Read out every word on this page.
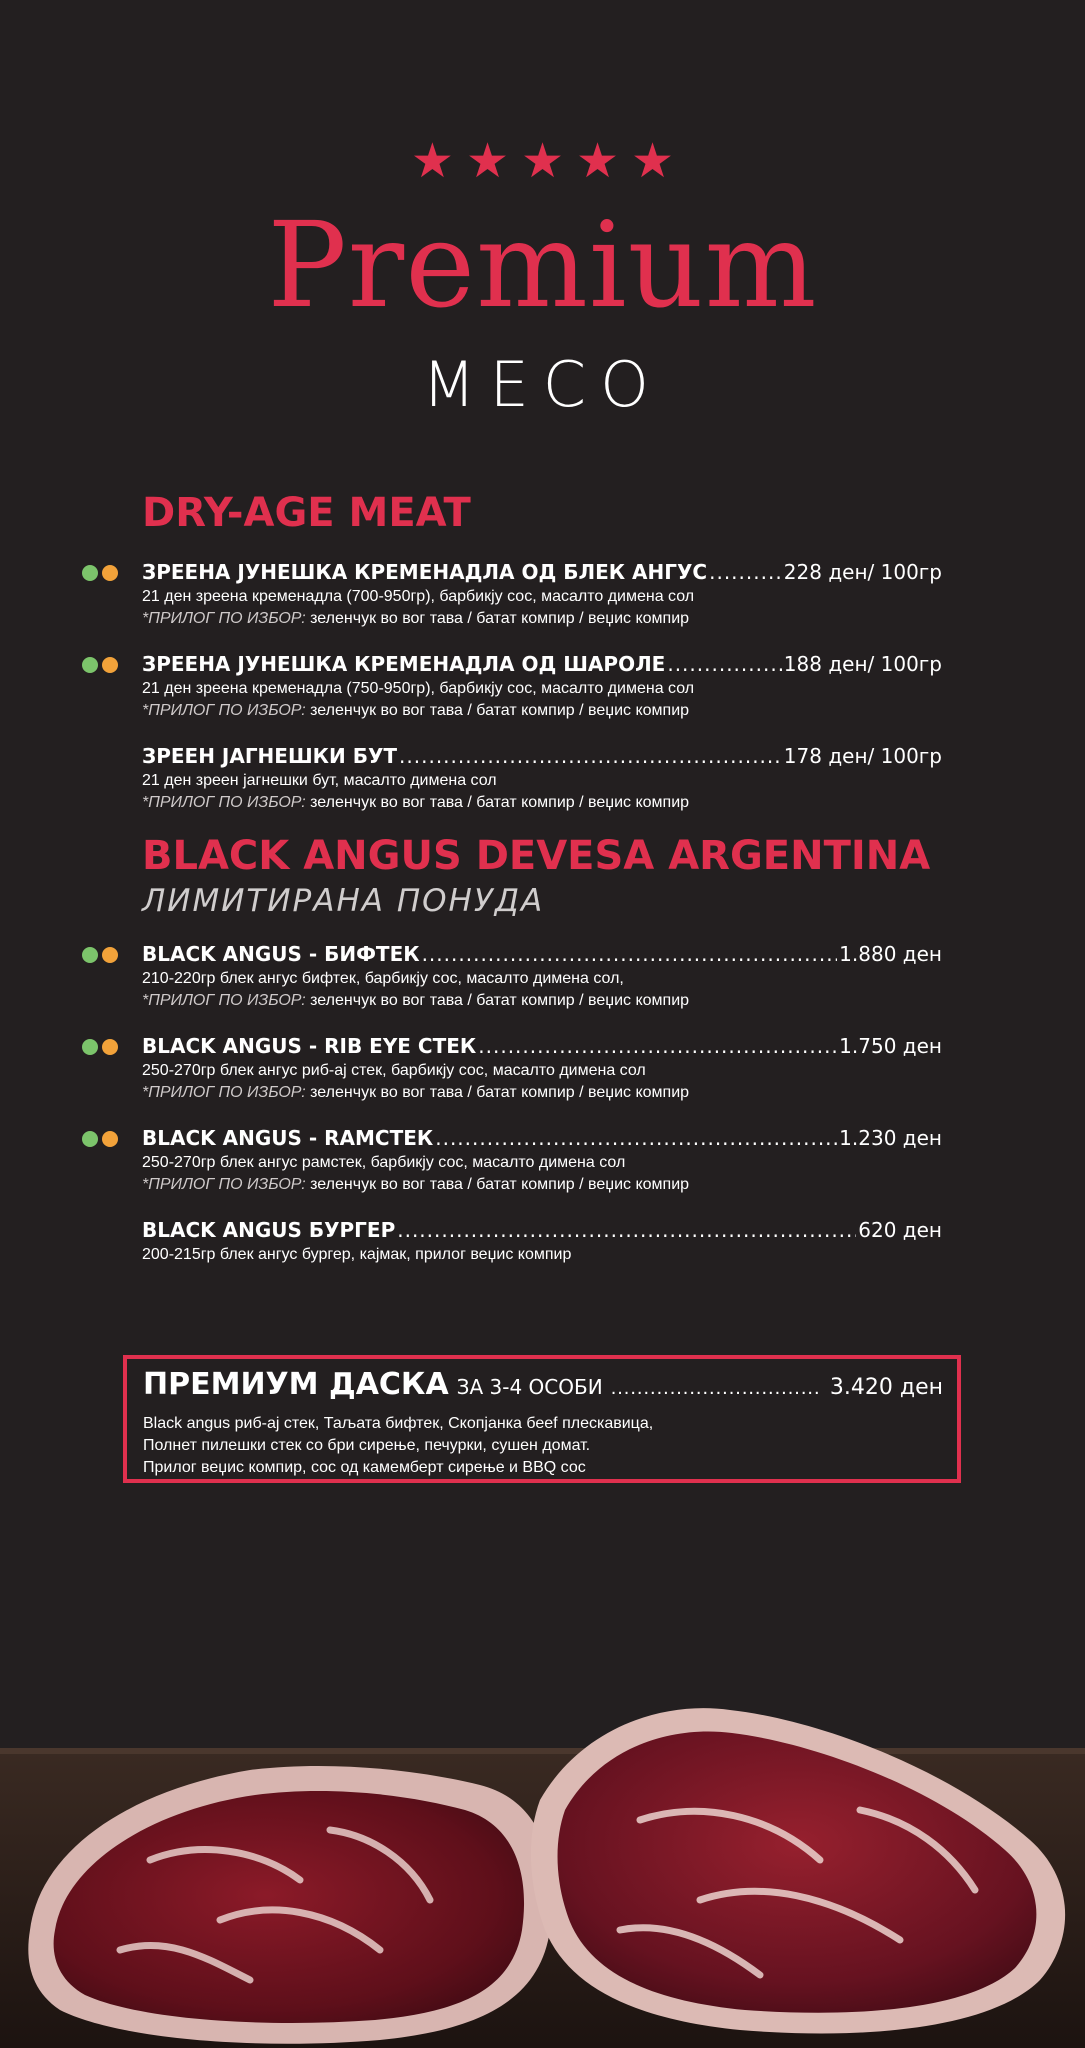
★ ★ ★ ★ ★
Premium
МЕСО
DRY-AGE MEAT
ЗРЕЕНА ЈУНЕШКА КРЕМЕНАДЛА ОД БЛЕК АНГУС .....	228 ден/ 100гр
21 ден зреена кременадла (700-950гр), барбикју сос, масалто димена сол
*ПРИЛОГ ПО ИЗБОР: зеленчук во вог тава / батат компир / веџис компир
ЗРЕЕНА ЈУНЕШКА КРЕМЕНАДЛА ОД ШАРОЛЕ .....	188 ден/ 100гр
21 ден зреена кременадла (750-950гр), барбикју сос, масалто димена сол
*ПРИЛОГ ПО ИЗБОР: зеленчук во вог тава / батат компир / веџис компир
ЗРЕЕН ЈАГНЕШКИ БУТ .....	178 ден/ 100гр
21 ден зреен јагнешки бут, масалто димена сол
*ПРИЛОГ ПО ИЗБОР: зеленчук во вог тава / батат компир / веџис компир
BLACK ANGUS DEVESA ARGENTINA
ЛИМИТИРАНА ПОНУДА
BLACK ANGUS - БИФТЕК .....	1.880 ден
210-220гр блек ангус бифтек, барбикју сос, масалто димена сол,
*ПРИЛОГ ПО ИЗБОР: зеленчук во вог тава / батат компир / веџис компир
BLACK ANGUS - RIB EYE СТЕК .....	1.750 ден
250-270гр блек ангус риб-ај стек, барбикју сос, масалто димена сол
*ПРИЛОГ ПО ИЗБОР: зеленчук во вог тава / батат компир / веџис компир
BLACK ANGUS - RAMСТЕК .....	1.230 ден
250-270гр блек ангус рамстек, барбикју сос, масалто димена сол
*ПРИЛОГ ПО ИЗБОР: зеленчук во вог тава / батат компир / веџис компир
BLACK ANGUS БУРГЕР .....	620 ден
200-215гр блек ангус бургер, кајмак, прилог веџис компир
ПРЕМИУМ ДАСКА ЗА 3-4 ОСОБИ .....	3.420 ден
Black angus риб-ај стек, Таљата бифтек, Скопјанка беef плескавица,
Полнет пилешки стек со бри сирење, печурки, сушен домат.
Прилог веџис компир, сос од камемберт сирење и BBQ сос
